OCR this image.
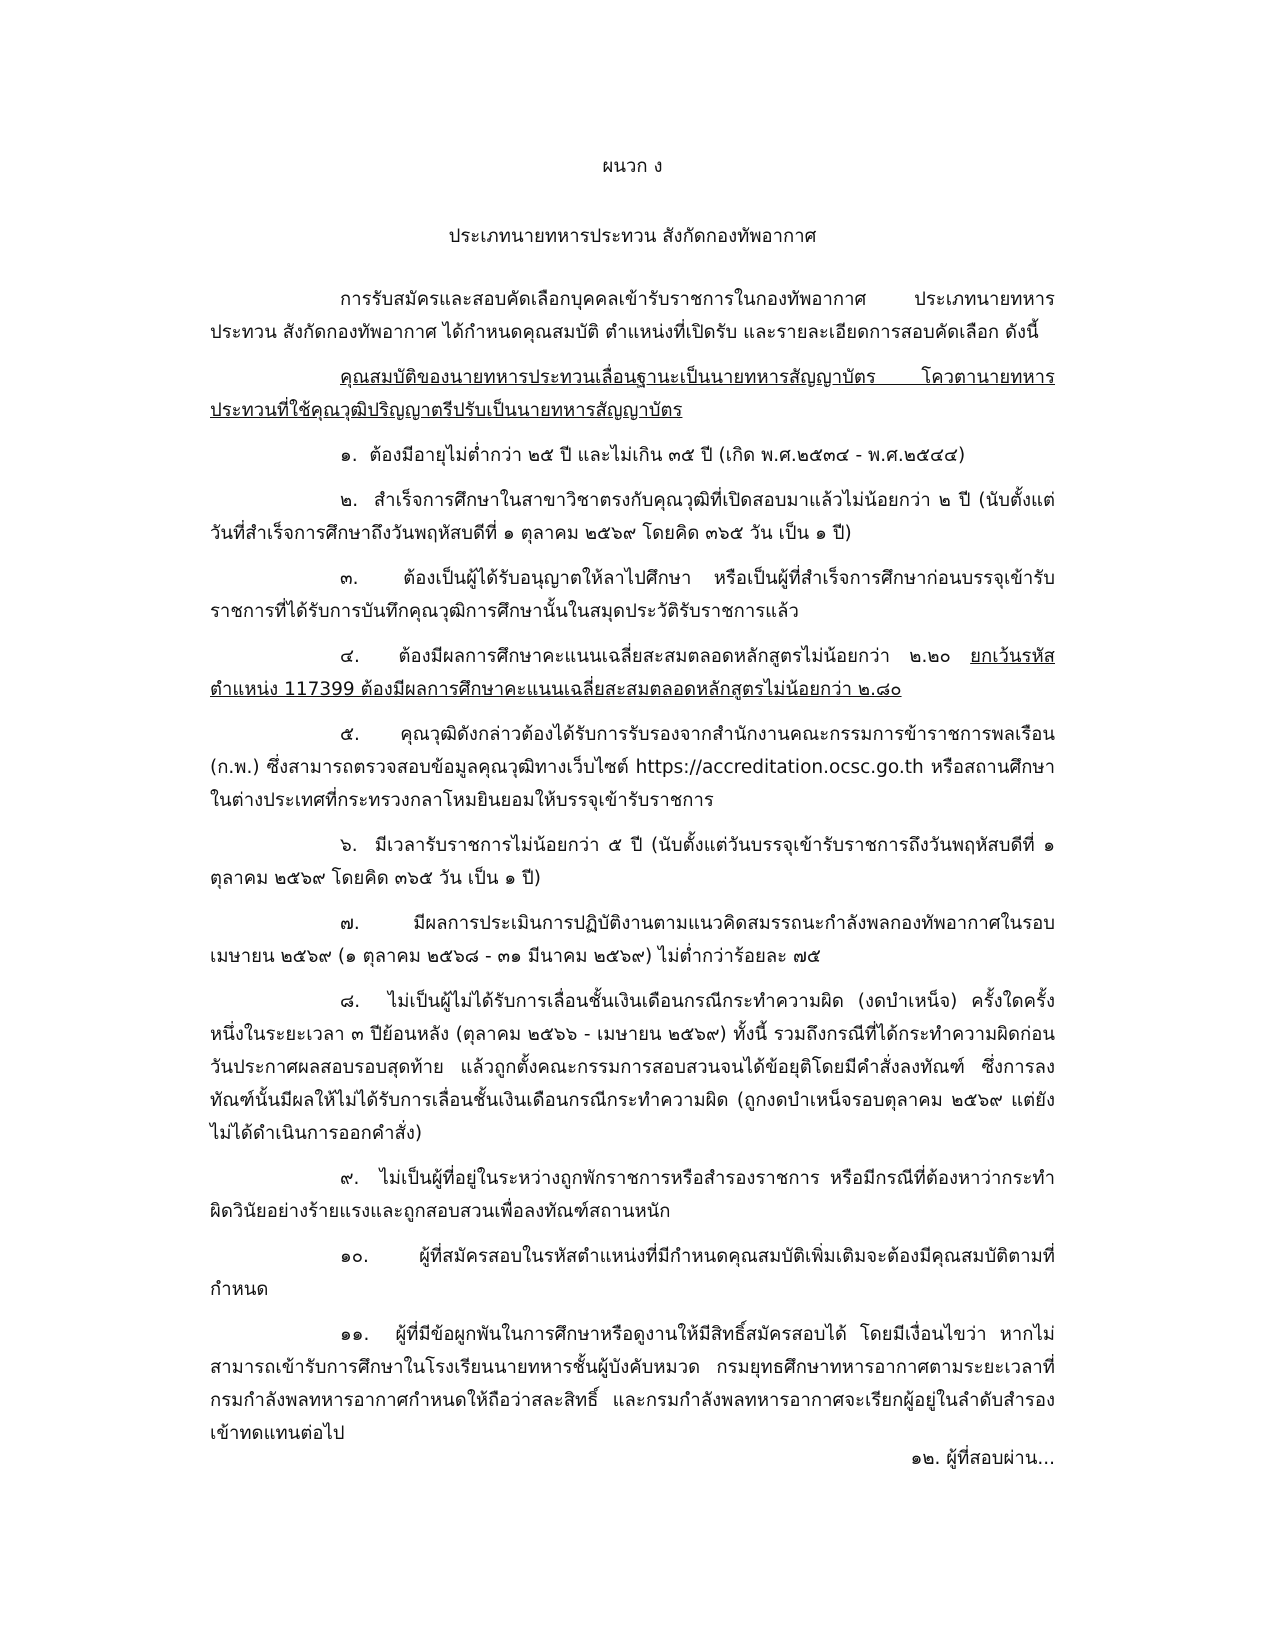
ผนวก ง

ประเภทนายทหารประทวน สังกัดกองทัพอากาศ

การรับสมัครและสอบคัดเลือกบุคคลเข้ารับราชการในกองทัพอากาศ ประเภทนายทหารประทวน สังกัดกองทัพอากาศ ได้กำหนดคุณสมบัติ ตำแหน่งที่เปิดรับ และรายละเอียดการสอบคัดเลือก ดังนี้

คุณสมบัติของนายทหารประทวนเลื่อนฐานะเป็นนายทหารสัญญาบัตร โควตานายทหารประทวนที่ใช้คุณวุฒิปริญญาตรีปรับเป็นนายทหารสัญญาบัตร

๑. ต้องมีอายุไม่ต่ำกว่า ๒๕ ปี และไม่เกิน ๓๕ ปี (เกิด พ.ศ.๒๕๓๔ - พ.ศ.๒๕๔๔)

๒. สำเร็จการศึกษาในสาขาวิชาตรงกับคุณวุฒิที่เปิดสอบมาแล้วไม่น้อยกว่า ๒ ปี (นับตั้งแต่วันที่สำเร็จการศึกษาถึงวันพฤหัสบดีที่ ๑ ตุลาคม ๒๕๖๙ โดยคิด ๓๖๕ วัน เป็น ๑ ปี)

๓. ต้องเป็นผู้ได้รับอนุญาตให้ลาไปศึกษา หรือเป็นผู้ที่สำเร็จการศึกษาก่อนบรรจุเข้ารับราชการที่ได้รับการบันทึกคุณวุฒิการศึกษานั้นในสมุดประวัติรับราชการแล้ว

๔. ต้องมีผลการศึกษาคะแนนเฉลี่ยสะสมตลอดหลักสูตรไม่น้อยกว่า ๒.๒๐ ยกเว้นรหัสตำแหน่ง 117399 ต้องมีผลการศึกษาคะแนนเฉลี่ยสะสมตลอดหลักสูตรไม่น้อยกว่า ๒.๘๐

๕. คุณวุฒิดังกล่าวต้องได้รับการรับรองจากสำนักงานคณะกรรมการข้าราชการพลเรือน (ก.พ.) ซึ่งสามารถตรวจสอบข้อมูลคุณวุฒิทางเว็บไซต์ https://accreditation.ocsc.go.th หรือสถานศึกษาในต่างประเทศที่กระทรวงกลาโหมยินยอมให้บรรจุเข้ารับราชการ

๖. มีเวลารับราชการไม่น้อยกว่า ๕ ปี (นับตั้งแต่วันบรรจุเข้ารับราชการถึงวันพฤหัสบดีที่ ๑ ตุลาคม ๒๕๖๙ โดยคิด ๓๖๕ วัน เป็น ๑ ปี)

๗.	มีผลการประเมินการปฏิบัติงานตามแนวคิดสมรรถนะกำลังพลกองทัพอากาศในรอบเมษายน ๒๕๖๙ (๑ ตุลาคม ๒๕๖๘ - ๓๑ มีนาคม ๒๕๖๙) ไม่ต่ำกว่าร้อยละ ๗๕

๘. ไม่เป็นผู้ไม่ได้รับการเลื่อนชั้นเงินเดือนกรณีกระทำความผิด (งดบำเหน็จ) ครั้งใดครั้งหนึ่งในระยะเวลา ๓ ปีย้อนหลัง (ตุลาคม ๒๕๖๖ - เมษายน ๒๕๖๙) ทั้งนี้ รวมถึงกรณีที่ได้กระทำความผิดก่อนวันประกาศผลสอบรอบสุดท้าย แล้วถูกตั้งคณะกรรมการสอบสวนจนได้ข้อยุติโดยมีคำสั่งลงทัณฑ์ ซึ่งการลงทัณฑ์นั้นมีผลให้ไม่ได้รับการเลื่อนชั้นเงินเดือนกรณีกระทำความผิด (ถูกงดบำเหน็จรอบตุลาคม ๒๕๖๙ แต่ยังไม่ได้ดำเนินการออกคำสั่ง)

๙. ไม่เป็นผู้ที่อยู่ในระหว่างถูกพักราชการหรือสำรองราชการ หรือมีกรณีที่ต้องหาว่ากระทำผิดวินัยอย่างร้ายแรงและถูกสอบสวนเพื่อลงทัณฑ์สถานหนัก

๑๐.	ผู้ที่สมัครสอบในรหัสตำแหน่งที่มีกำหนดคุณสมบัติเพิ่มเติมจะต้องมีคุณสมบัติตามที่กำหนด

๑๑. ผู้ที่มีข้อผูกพันในการศึกษาหรือดูงานให้มีสิทธิ์สมัครสอบได้ โดยมีเงื่อนไขว่า หากไม่สามารถเข้ารับการศึกษาในโรงเรียนนายทหารชั้นผู้บังคับหมวด กรมยุทธศึกษาทหารอากาศตามระยะเวลาที่กรมกำลังพลทหารอากาศกำหนดให้ถือว่าสละสิทธิ์ และกรมกำลังพลทหารอากาศจะเรียกผู้อยู่ในลำดับสำรองเข้าทดแทนต่อไป

๑๒. ผู้ที่สอบผ่าน...
